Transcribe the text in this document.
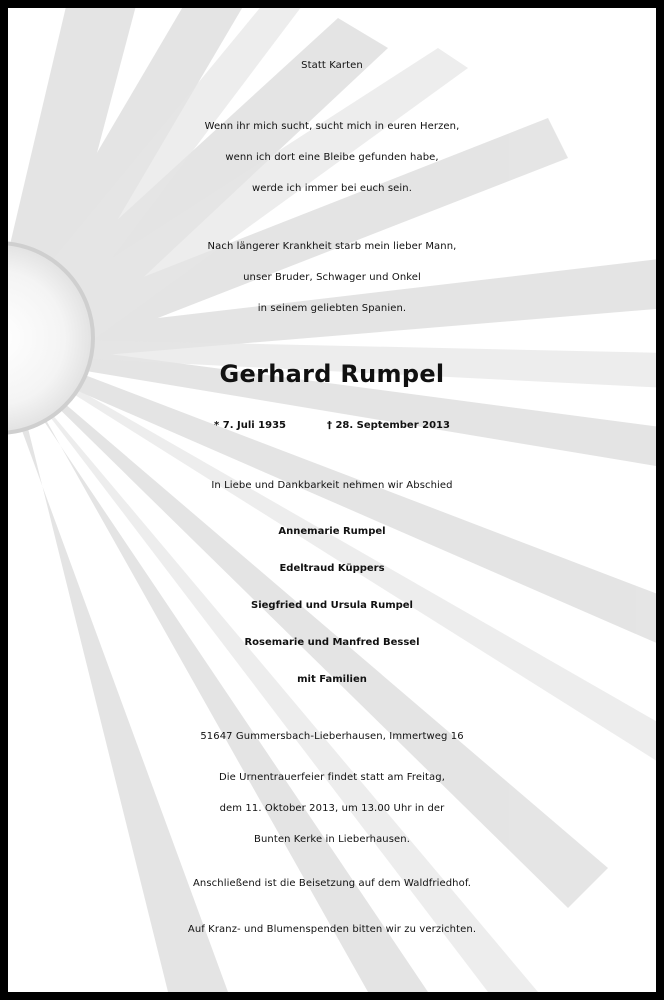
Statt Karten
Wenn ihr mich sucht, sucht mich in euren Herzen,
wenn ich dort eine Bleibe gefunden habe,
werde ich immer bei euch sein.
Nach längerer Krankheit starb mein lieber Mann,
unser Bruder, Schwager und Onkel
in seinem geliebten Spanien.
Gerhard Rumpel
* 7. Juli 1935	† 28. September 2013
In Liebe und Dankbarkeit nehmen wir Abschied
Annemarie Rumpel
Edeltraud Küppers
Siegfried und Ursula Rumpel
Rosemarie und Manfred Bessel
mit Familien
51647 Gummersbach-Lieberhausen, Immertweg 16
Die Urnentrauerfeier findet statt am Freitag,
dem 11. Oktober 2013, um 13.00 Uhr in der
Bunten Kerke in Lieberhausen.
Anschließend ist die Beisetzung auf dem Waldfriedhof.
Auf Kranz- und Blumenspenden bitten wir zu verzichten.
